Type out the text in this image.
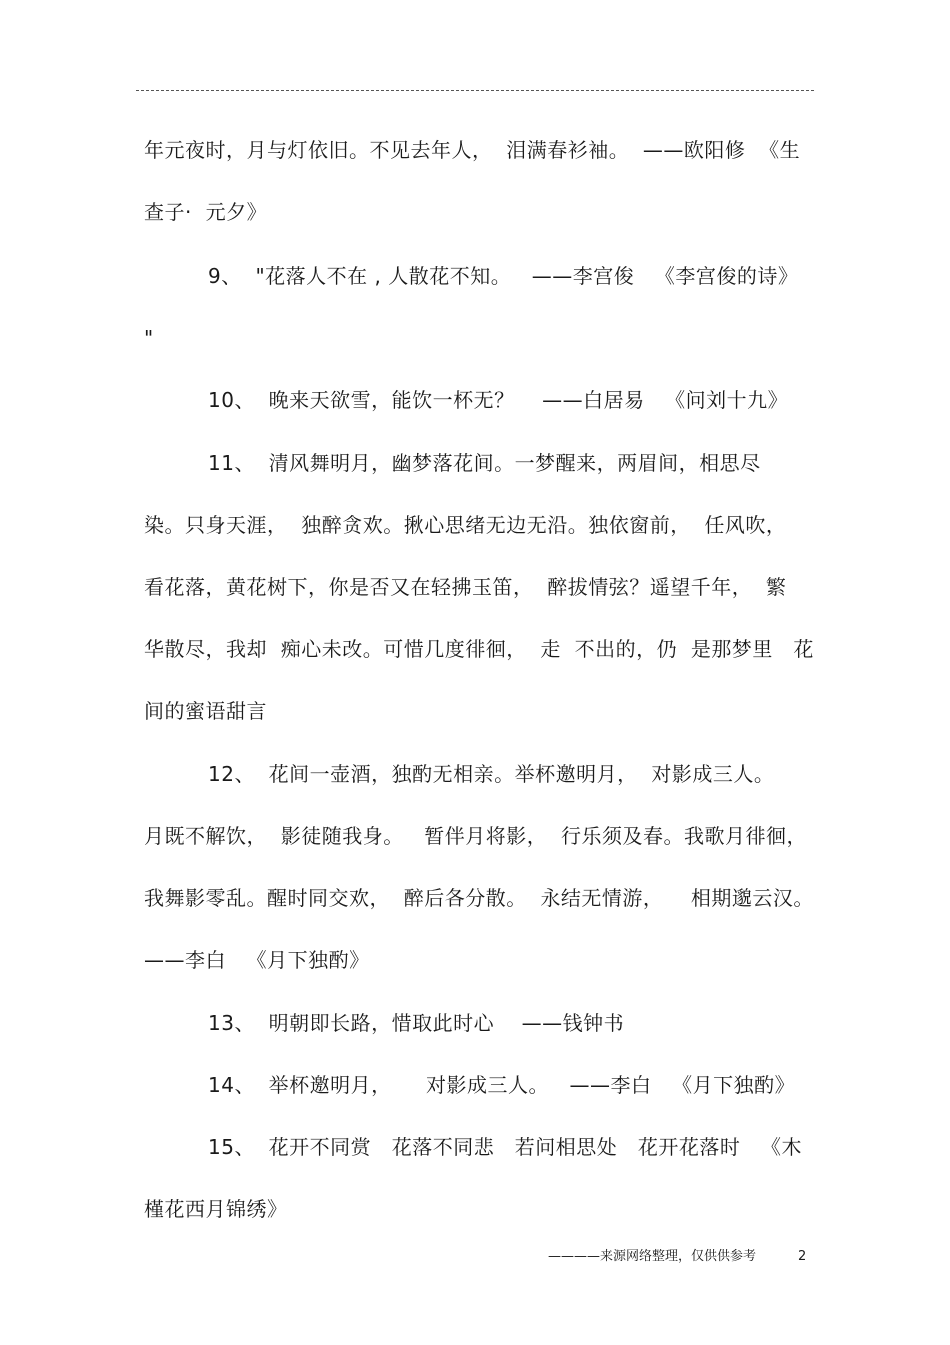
年元夜时，月与灯依旧。不见去年人，  泪满春衫袖。  ——欧阳修  《生
查子·  元夕》
9、  "花落人不在 , 人散花不知。   ——李宫俊   《李宫俊的诗》
"
10、  晚来天欲雪，能饮一杯无？    ——白居易   《问刘十九》
11、  清风舞明月，幽梦落花间。一梦醒来，两眉间，相思尽
染。只身天涯，  独醉贪欢。揪心思绪无边无沿。独依窗前，  任风吹，
看花落，黄花树下，你是否又在轻拂玉笛，  醉拔情弦？遥望千年，  繁
华散尽，我却  痴心未改。可惜几度徘徊，  走  不出的，仍  是那梦里   花
间的蜜语甜言
12、  花间一壶酒，独酌无相亲。举杯邀明月，  对影成三人。
月既不解饮，  影徒随我身。   暂伴月将影，  行乐须及春。我歌月徘徊，
我舞影零乱。醒时同交欢，  醉后各分散。  永结无情游，    相期邈云汉。
——李白   《月下独酌》
13、  明朝即长路，惜取此时心    ——钱钟书
14、  举杯邀明月，     对影成三人。   ——李白   《月下独酌》
15、  花开不同赏   花落不同悲   若问相思处   花开花落时   《木
槿花西月锦绣》
————来源网络整理，仅供供参考	2
